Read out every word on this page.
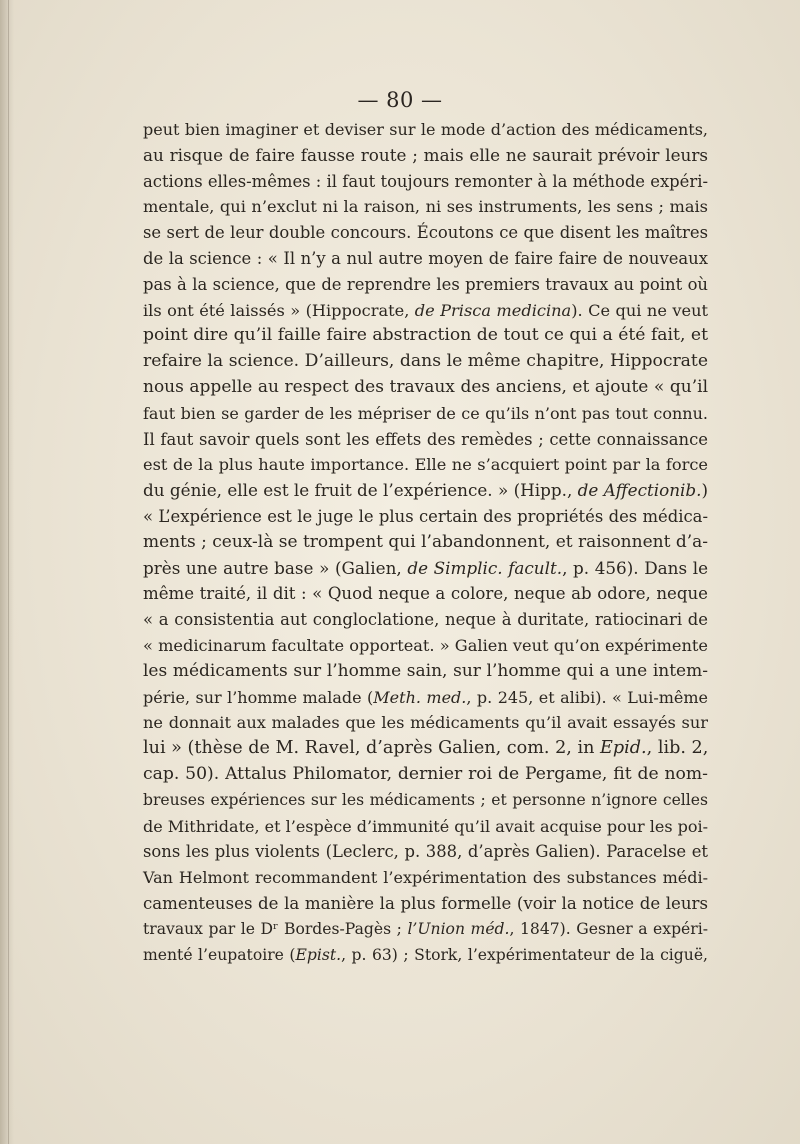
— 80 —
peut bien imaginer et deviser sur le mode d’action des médicaments,
au risque de faire fausse route ; mais elle ne saurait prévoir leurs
actions elles-mêmes : il faut toujours remonter à la méthode expéri-
mentale, qui n’exclut ni la raison, ni ses instruments, les sens ; mais
se sert de leur double concours. Écoutons ce que disent les maîtres
de la science : « Il n’y a nul autre moyen de faire faire de nouveaux
pas à la science, que de reprendre les premiers travaux au point où
ils ont été laissés » (Hippocrate, de Prisca medicina). Ce qui ne veut
point dire qu’il faille faire abstraction de tout ce qui a été fait, et
refaire la science. D’ailleurs, dans le même chapitre, Hippocrate
nous appelle au respect des travaux des anciens, et ajoute « qu’il
faut bien se garder de les mépriser de ce qu’ils n’ont pas tout connu.
Il faut savoir quels sont les effets des remèdes ; cette connaissance
est de la plus haute importance. Elle ne s’acquiert point par la force
du génie, elle est le fruit de l’expérience. » (Hipp., de Affectionib.)
« L’expérience est le juge le plus certain des propriétés des médica-
ments ; ceux-là se trompent qui l’abandonnent, et raisonnent d’a-
près une autre base » (Galien, de Simplic. facult., p. 456). Dans le
même traité, il dit : « Quod neque a colore, neque ab odore, neque
« a consistentia aut congloclatione, neque à duritate, ratiocinari de
« medicinarum facultate opporteat. » Galien veut qu’on expérimente
les médicaments sur l’homme sain, sur l’homme qui a une intem-
périe, sur l’homme malade (Meth. med., p. 245, et alibi). « Lui-même
ne donnait aux malades que les médicaments qu’il avait essayés sur
lui » (thèse de M. Ravel, d’après Galien, com. 2, in Epid., lib. 2,
cap. 50). Attalus Philomator, dernier roi de Pergame, fit de nom-
breuses expériences sur les médicaments ; et personne n’ignore celles
de Mithridate, et l’espèce d’immunité qu’il avait acquise pour les poi-
sons les plus violents (Leclerc, p. 388, d’après Galien). Paracelse et
Van Helmont recommandent l’expérimentation des substances médi-
camenteuses de la manière la plus formelle (voir la notice de leurs
travaux par le Dʳ Bordes-Pagès ; l’Union méd., 1847). Gesner a expéri-
menté l’eupatoire (Epist., p. 63) ; Stork, l’expérimentateur de la ciguë,
